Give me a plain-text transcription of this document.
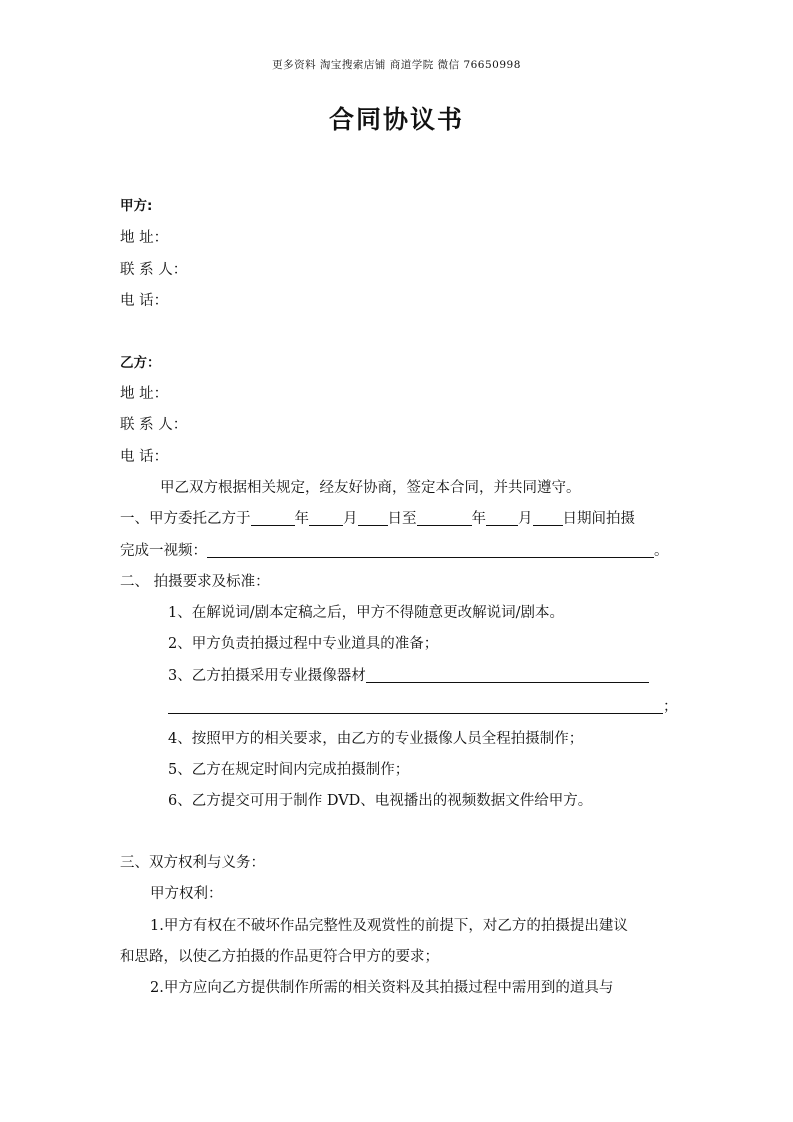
更多资料 淘宝搜索店铺 商道学院 微信 76650998
合同协议书
甲方:
地 址：
联 系 人：
电 话：
乙方：
地 址：
联 系 人：
电 话：
甲乙双方根据相关规定，经友好协商，签定本合同，并共同遵守。
一、甲方委托乙方于	年 月 日至	年 月 日期间拍摄
完成一视频：	。
二、 拍摄要求及标准：
1、在解说词/剧本定稿之后，甲方不得随意更改解说词/剧本。
2、甲方负责拍摄过程中专业道具的准备；
3、乙方拍摄采用专业摄像器材
；
4、按照甲方的相关要求，由乙方的专业摄像人员全程拍摄制作；
5、乙方在规定时间内完成拍摄制作；
6、乙方提交可用于制作 DVD、电视播出的视频数据文件给甲方。
三、双方权利与义务：
甲方权利：
1.甲方有权在不破坏作品完整性及观赏性的前提下，对乙方的拍摄提出建议
和思路，以使乙方拍摄的作品更符合甲方的要求；
2.甲方应向乙方提供制作所需的相关资料及其拍摄过程中需用到的道具与
